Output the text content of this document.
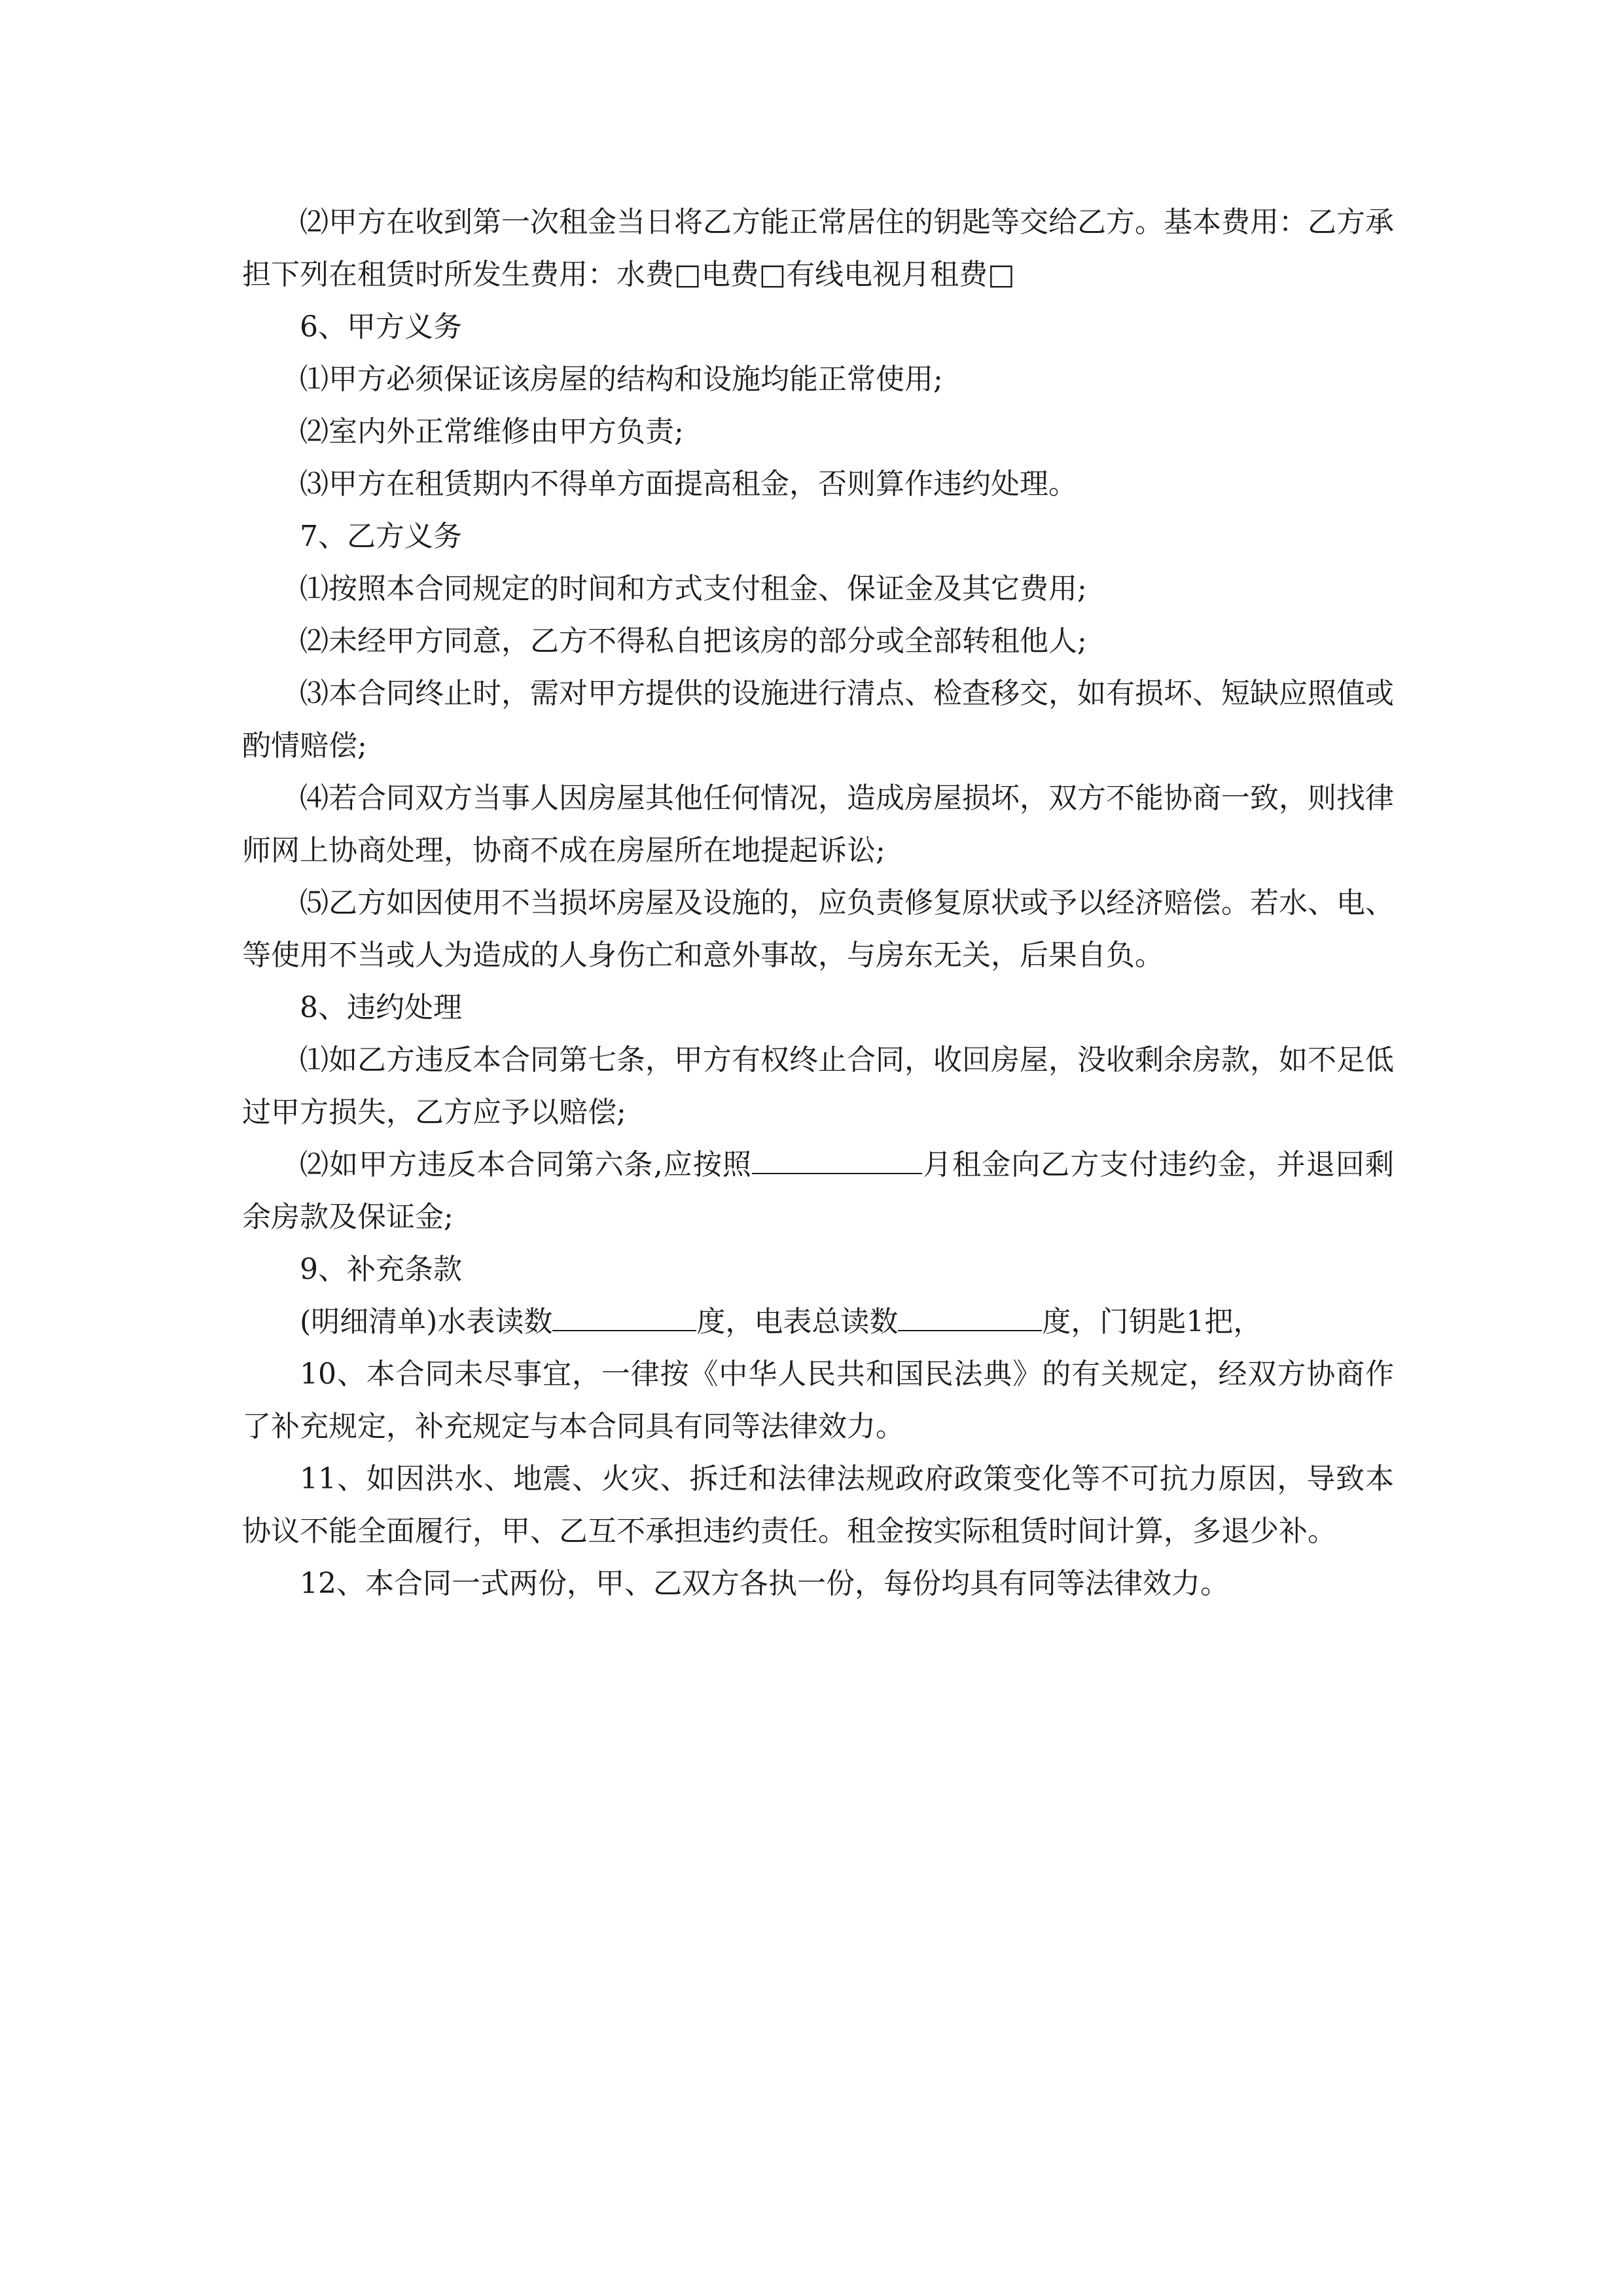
⑵甲方在收到第一次租金当日将乙方能正常居住的钥匙等交给乙方。基本费用：乙方承担下列在租赁时所发生费用：水费□电费□有线电视月租费□

6、甲方义务

⑴甲方必须保证该房屋的结构和设施均能正常使用;

⑵室内外正常维修由甲方负责;

⑶甲方在租赁期内不得单方面提高租金，否则算作违约处理。

7、乙方义务

⑴按照本合同规定的时间和方式支付租金、保证金及其它费用;

⑵未经甲方同意，乙方不得私自把该房的部分或全部转租他人;

⑶本合同终止时，需对甲方提供的设施进行清点、检查移交，如有损坏、短缺应照值或酌情赔偿;

⑷若合同双方当事人因房屋其他任何情况，造成房屋损坏，双方不能协商一致，则找律师网上协商处理，协商不成在房屋所在地提起诉讼;

⑸乙方如因使用不当损坏房屋及设施的，应负责修复原状或予以经济赔偿。若水、电、等使用不当或人为造成的人身伤亡和意外事故，与房东无关，后果自负。

8、违约处理

⑴如乙方违反本合同第七条，甲方有权终止合同，收回房屋，没收剩余房款，如不足低过甲方损失，乙方应予以赔偿;

⑵如甲方违反本合同第六条,应按照	月租金向乙方支付违约金，并退回剩余房款及保证金;

9、补充条款

(明细清单)水表读数	度，电表总读数	度，门钥匙1把，

10、本合同未尽事宜，一律按《中华人民共和国民法典》的有关规定，经双方协商作了补充规定，补充规定与本合同具有同等法律效力。

11、如因洪水、地震、火灾、拆迁和法律法规政府政策变化等不可抗力原因，导致本协议不能全面履行，甲、乙互不承担违约责任。租金按实际租赁时间计算，多退少补。

12、本合同一式两份，甲、乙双方各执一份，每份均具有同等法律效力。
